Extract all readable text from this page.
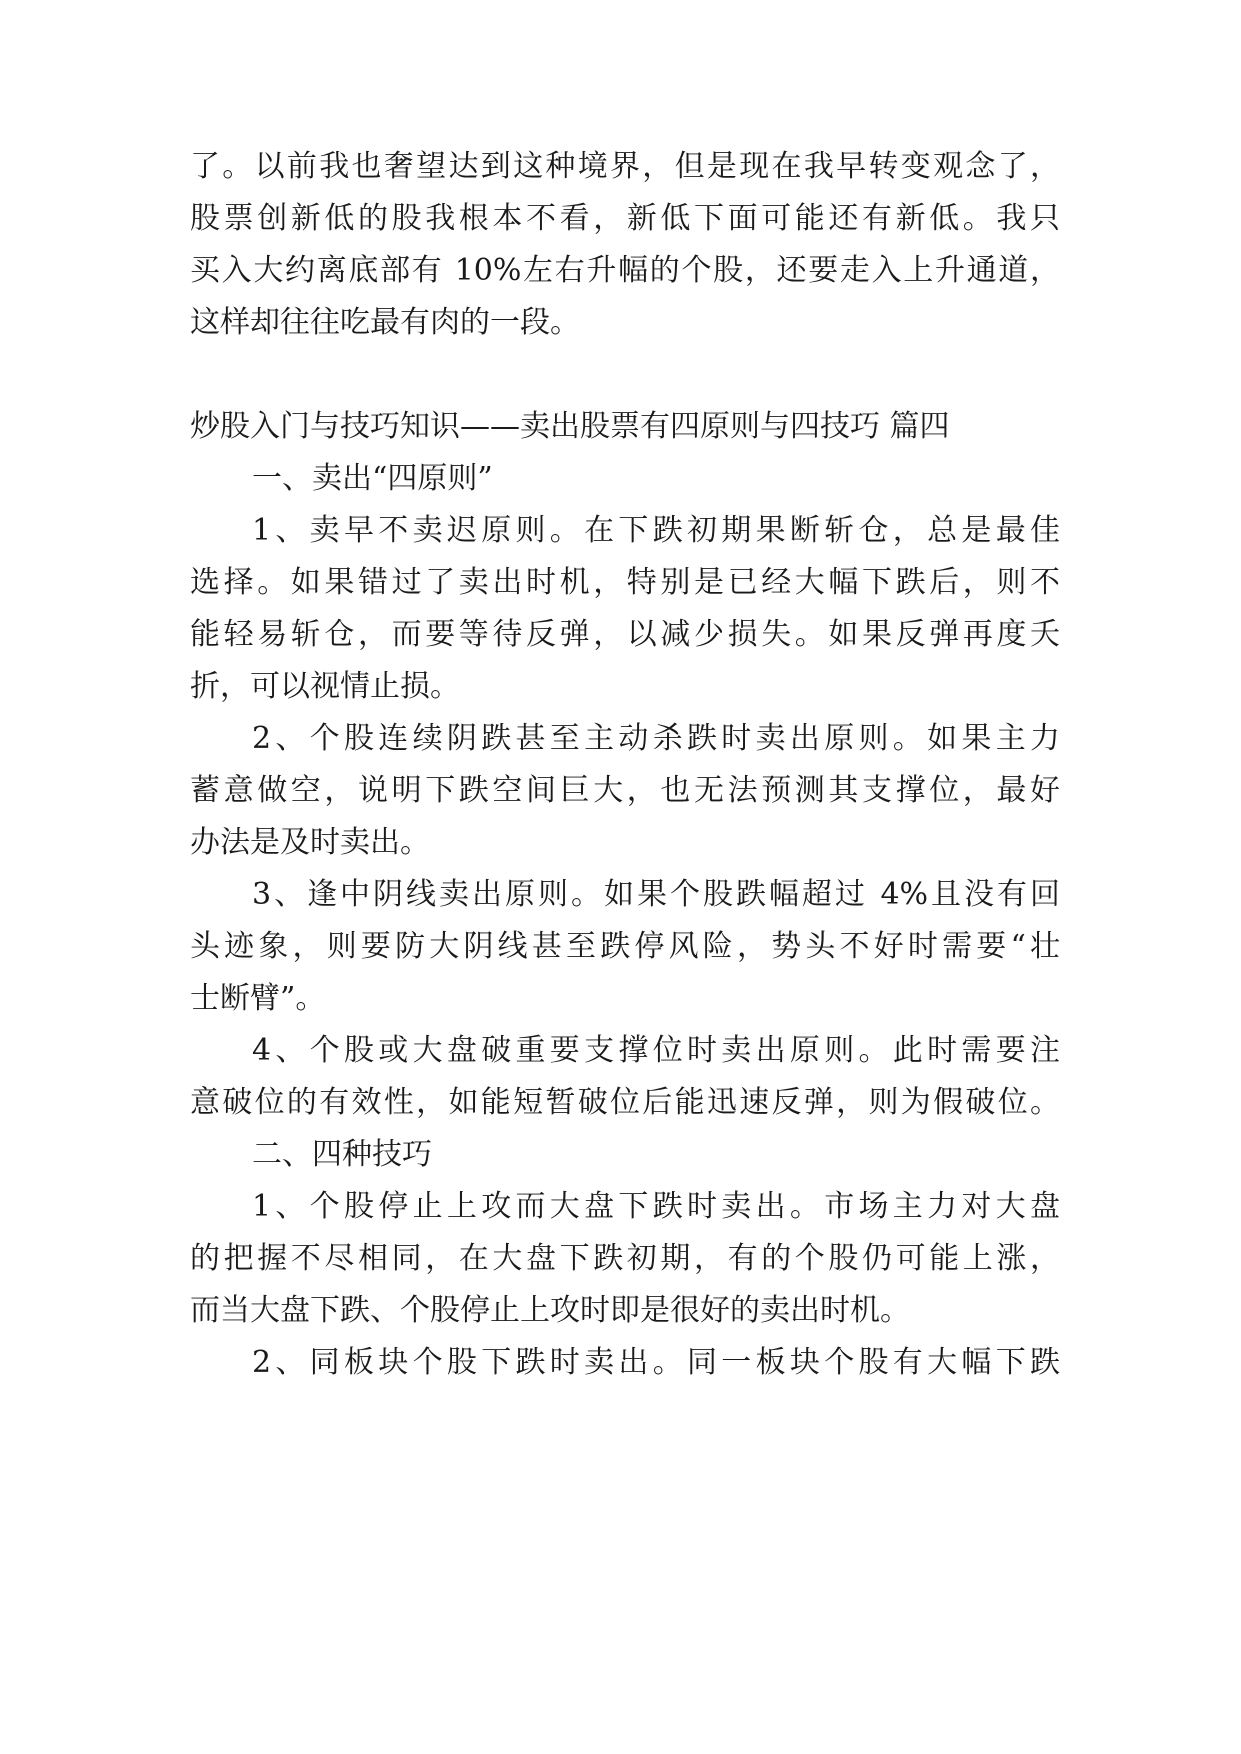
了。以前我也奢望达到这种境界，但是现在我早转变观念了，
股票创新低的股我根本不看，新低下面可能还有新低。我只
买入大约离底部有 10%左右升幅的个股，还要走入上升通道，
这样却往往吃最有肉的一段。
炒股入门与技巧知识——卖出股票有四原则与四技巧 篇四
一、卖出“四原则”
1、卖早不卖迟原则。在下跌初期果断斩仓，总是最佳
选择。如果错过了卖出时机，特别是已经大幅下跌后，则不
能轻易斩仓，而要等待反弹，以减少损失。如果反弹再度夭
折，可以视情止损。
2、个股连续阴跌甚至主动杀跌时卖出原则。如果主力
蓄意做空，说明下跌空间巨大，也无法预测其支撑位，最好
办法是及时卖出。
3、逢中阴线卖出原则。如果个股跌幅超过 4%且没有回
头迹象，则要防大阴线甚至跌停风险，势头不好时需要“壮
士断臂”。
4、个股或大盘破重要支撑位时卖出原则。此时需要注
意破位的有效性，如能短暂破位后能迅速反弹，则为假破位。
二、四种技巧
1、个股停止上攻而大盘下跌时卖出。市场主力对大盘
的把握不尽相同，在大盘下跌初期，有的个股仍可能上涨，
而当大盘下跌、个股停止上攻时即是很好的卖出时机。
2、同板块个股下跌时卖出。同一板块个股有大幅下跌
